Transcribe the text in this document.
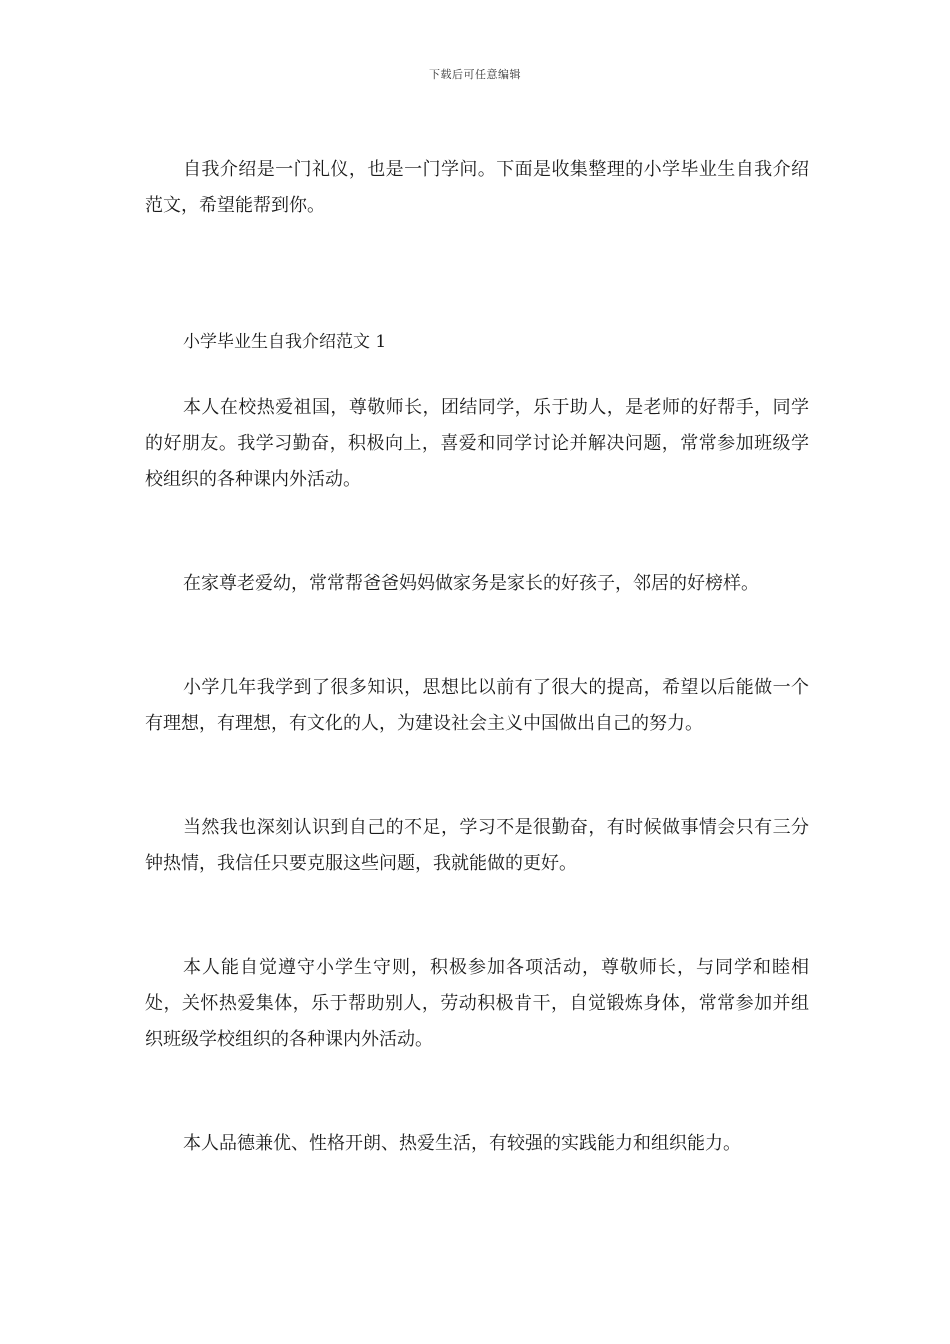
下载后可任意编辑

自我介绍是一门礼仪，也是一门学问。下面是收集整理的小学毕业生自我介绍范文，希望能帮到你。

小学毕业生自我介绍范文 1

本人在校热爱祖国，尊敬师长，团结同学，乐于助人，是老师的好帮手，同学的好朋友。我学习勤奋，积极向上，喜爱和同学讨论并解决问题，常常参加班级学校组织的各种课内外活动。

在家尊老爱幼，常常帮爸爸妈妈做家务是家长的好孩子，邻居的好榜样。

小学几年我学到了很多知识，思想比以前有了很大的提高，希望以后能做一个有理想，有理想，有文化的人，为建设社会主义中国做出自己的努力。

当然我也深刻认识到自己的不足，学习不是很勤奋，有时候做事情会只有三分钟热情，我信任只要克服这些问题，我就能做的更好。

本人能自觉遵守小学生守则，积极参加各项活动，尊敬师长，与同学和睦相处，关怀热爱集体，乐于帮助别人，劳动积极肯干，自觉锻炼身体，常常参加并组织班级学校组织的各种课内外活动。

本人品德兼优、性格开朗、热爱生活，有较强的实践能力和组织能力。
